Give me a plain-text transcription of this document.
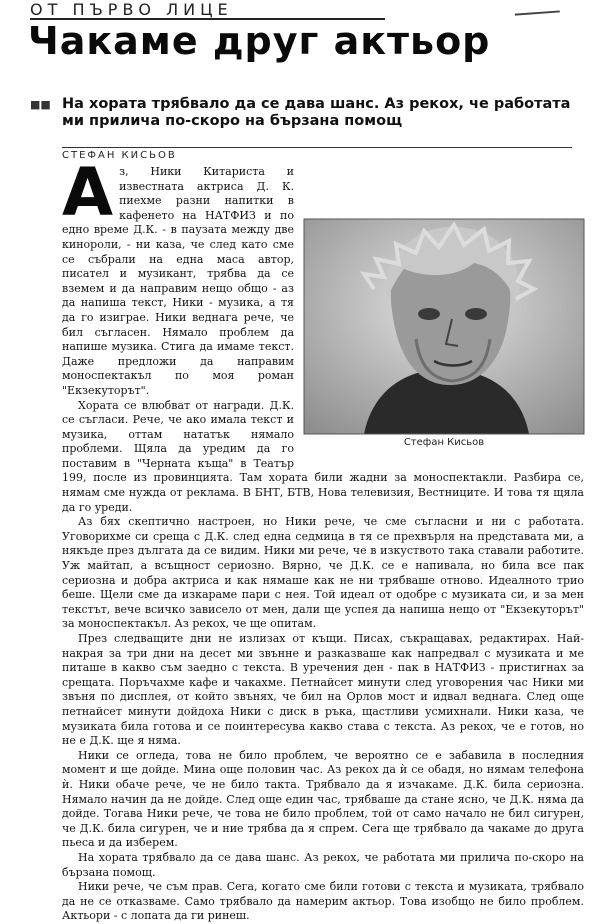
ОТ ПЪРВО ЛИЦЕ
Чакаме друг актьор
■■ На хората трябвало да се дава шанс. Аз рекох, че работата ми прилича по-скоро на бързана помощ
СТЕФАН КИСЬОВ
А
Стефан Кисьов

з, Ники Китариста и известната актриса Д. К. пиехме разни напитки в кафенето на НАТФИЗ и по едно време Д.К. - в паузата между две кинороли, - ни каза, че след като сме се събрали на една маса автор, писател и музикант, трябва да се вземем и да направим нещо общо - аз да напиша текст, Ники - музика, а тя да го изиграе. Ники веднага рече, че бил съгласен. Нямало проблем да напише музика. Стига да имаме текст. Даже предложи да направим моноспектакъл по моя роман "Екзекуторът".

Хората се влюбват от награди. Д.К. се съгласи. Рече, че ако имала текст и музика, оттам нататък нямало проблеми. Щяла да уредим да го поставим в "Черната къща" в Театър 199, после из провинцията. Там хората били жадни за моноспектакли. Разбира се, нямам сме нужда от реклама. В БНТ, БТВ, Нова телевизия, Вестниците. И това тя щяла да го уреди.

Аз бях скептично настроен, но Ники рече, че сме съгласни и ни с работата. Уговорихме си среща с Д.К. след една седмица в тя се прехвърля на представата ми, а някъде през дългата да се видим. Ники ми рече, че в изкуството така ставали работите. Уж майтап, а всъщност сериозно. Вярно, че Д.К. се е напивала, но била все пак сериозна и добра актриса и как нямаше как не ни трябваше отново. Идеалното трио беше. Щели сме да изкараме пари с нея. Той идеал от одобре с музиката си, и за мен текстът, вече всичко зависело от мен, дали ще успея да напиша нещо от "Екзекуторът" за моноспектакъл. Аз рекох, че ще опитам.

През следващите дни не излизах от къщи. Писах, съкращавах, редактирах. Най-накрая за три дни на десет ми звънне и разказваше как напредвал с музиката и ме питаше в какво съм заедно с текста. В уречения ден - пак в НАТФИЗ - пристигнах за срещата. Поръчахме кафе и чакахме. Петнайсет минути след уговорения час Ники ми звъня по дисплея, от който звънях, че бил на Орлов мост и идвал веднага. След още петнайсет минути дойдоха Ники с диск в ръка, щастливи усмихнали. Ники каза, че музиката била готова и се поинтересува какво става с текста. Аз рекох, че е готов, но не е Д.К. ще я няма.

Ники се огледа, това не било проблем, че вероятно се е забавила в последния момент и ще дойде. Мина още половин час. Аз рекох да ѝ се обадя, но нямам телефона ѝ. Ники обаче рече, че не било такта. Трябвало да я изчакаме. Д.К. била сериозна. Нямало начин да не дойде. След още един час, трябваше да стане ясно, че Д.К. няма да дойде. Тогава Ники рече, че това не било проблем, той от само начало не бил сигурен, че Д.К. била сигурен, че и ние трябва да я спрем. Сега ще трябвало да чакаме до друга пьеса и да изберем.

На хората трябвало да се дава шанс. Аз рекох, че работата ми прилича по-скоро на бързана помощ.

Ники рече, че съм прав. Сега, когато сме били готови с текста и музиката, трябвало да не се отказваме. Само трябвало да намерим актьор. Това изобщо не било проблем. Актьори - с лопата да ги ринеш.
